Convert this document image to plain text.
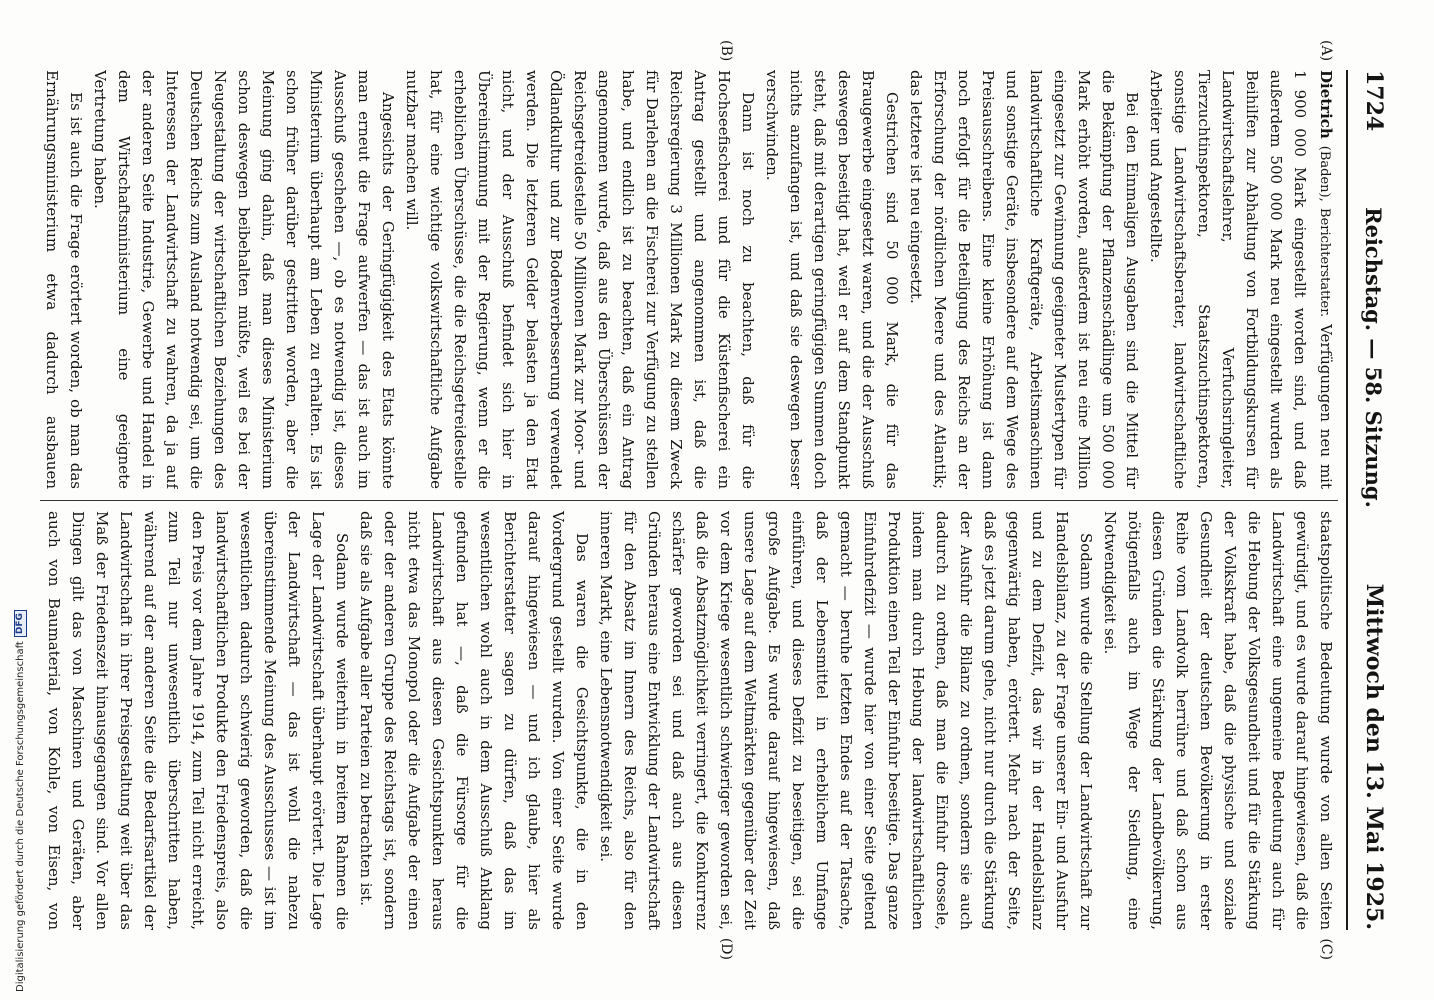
1724
Reichstag. — 58. Sitzung.
Mittwoch den 13. Mai 1925.
(A)
(B)
(C)
(D)

Dietrich (Baden), Berichterstatter. Verfügungen neu mit 1 900 000 Mark eingestellt worden sind, und daß außerdem 500 000 Mark neu eingestellt wurden als Beihilfen zur Abhaltung von Fortbildungskursen für Landwirtschaftslehrer, Verfuchsringleiter, Tierzuchtinspektoren, Staatszuchtinspektoren, sonstige Landwirtschaftsberater, landwirtschaftliche Arbeiter und Angestellte.

Bei den Einmaligen Ausgaben sind die Mittel für die Bekämpfung der Pflanzenschädlinge um 500 000 Mark erhöht worden, außerdem ist neu eine Million eingesetzt zur Gewinnung geeigneter Mustertypen für landwirtschaftliche Kraftgeräte, Arbeitsmaschinen und sonstige Geräte, insbesondere auf dem Wege des Preisausschreibens. Eine kleine Erhöhung ist dann noch erfolgt für die Beteiligung des Reichs an der Erforschung der nördlichen Meere und des Atlantik; das letztere ist neu eingesetzt.

Gestrichen sind 50 000 Mark, die für das Braugewerbe eingesetzt waren, und die der Ausschuß deswegen beseitigt hat, weil er auf dem Standpunkt steht, daß mit derartigen geringfügigen Summen doch nichts anzufangen ist, und daß sie deswegen besser verschwinden.

Dann ist noch zu beachten, daß für die Hochseefischerei und für die Küstenfischerei ein Antrag gestellt und angenommen ist, daß die Reichsregierung 3 Millionen Mark zu diesem Zweck für Darlehen an die Fischerei zur Verfügung zu stellen habe, und endlich ist zu beachten, daß ein Antrag angenommen wurde, daß aus den Überschüssen der Reichsgetreidestelle 50 Millionen Mark zur Moor- und Ödlandkultur und zur Bodenverbesserung verwendet werden. Die letzteren Gelder belasten ja den Etat nicht, und der Ausschuß befindet sich hier in Übereinstimmung mit der Regierung, wenn er die erheblichen Überschüsse, die die Reichsgetreidestelle hat, für eine wichtige volkswirtschaftliche Aufgabe nutzbar machen will.

Angesichts der Geringfügigkeit des Etats könnte man erneut die Frage aufwerfen — das ist auch im Ausschuß geschehen —, ob es notwendig ist, dieses Ministerium überhaupt am Leben zu erhalten. Es ist schon früher darüber gestritten worden, aber die Meinung ging dahin, daß man dieses Ministerium schon deswegen beibehalten müßte, weil es bei der Neugestaltung der wirtschaftlichen Beziehungen des Deutschen Reichs zum Ausland notwendig sei, um die Interessen der Landwirtschaft zu wahren, da ja auf der anderen Seite Industrie, Gewerbe und Handel in dem Wirtschaftsministerium eine geeignete Vertretung haben.

Es ist auch die Frage erörtert worden, ob man das Ernährungsministerium etwa dadurch ausbauen

staatspolitische Bedeutung wurde von allen Seiten gewürdigt, und es wurde darauf hingewiesen, daß die Landwirtschaft eine ungemeine Bedeutung auch für die Hebung der Volksgesundheit und für die Stärkung der Volkskraft habe, daß die physische und soziale Gesundheit der deutschen Bevölkerung in erster Reihe vom Landvolk herrühre und daß schon aus diesen Gründen die Stärkung der Landbevölkerung, nötigenfalls auch im Wege der Siedlung, eine Notwendigkeit sei.

Sodann wurde die Stellung der Landwirtschaft zur Handelsbilanz, zu der Frage unserer Ein- und Ausfuhr und zu dem Defizit, das wir in der Handelsbilanz gegenwärtig haben, erörtert. Mehr nach der Seite, daß es jetzt darum gehe, nicht nur durch die Stärkung der Ausfuhr die Bilanz zu ordnen, sondern sie auch dadurch zu ordnen, daß man die Einfuhr drossele, indem man durch Hebung der landwirtschaftlichen Produktion einen Teil der Einfuhr beseitige. Das ganze Einfuhrdefizit — wurde hier von einer Seite geltend gemacht — beruhe letzten Endes auf der Tatsache, daß der Lebensmittel in erheblichem Umfange einführen, und dieses Defizit zu beseitigen, sei die große Aufgabe. Es wurde darauf hingewiesen, daß unsere Lage auf dem Weltmärkten gegenüber der Zeit vor dem Kriege wesentlich schwieriger geworden sei, daß die Absatzmöglichkeit verringert, die Konkurrenz schärfer geworden sei und daß auch aus diesen Gründen heraus eine Entwicklung der Landwirtschaft für den Absatz im Innern des Reichs, also für den inneren Markt, eine Lebensnotwendigkeit sei.

Das waren die Gesichtspunkte, die in den Vordergrund gestellt wurden. Von einer Seite wurde darauf hingewiesen — und ich glaube, hier als Berichterstatter sagen zu dürfen, daß das im wesentlichen wohl auch in dem Ausschuß Anklang gefunden hat —, daß die Fürsorge für die Landwirtschaft aus diesen Gesichtspunkten heraus nicht etwa das Monopol oder die Aufgabe der einen oder der anderen Gruppe des Reichstags ist, sondern daß sie als Aufgabe aller Parteien zu betrachten ist.

Sodann wurde weiterhin in breitem Rahmen die Lage der Landwirtschaft überhaupt erörtert. Die Lage der Landwirtschaft — das ist wohl die nahezu übereinstimmende Meinung des Ausschusses — ist im wesentlichen dadurch schwierig geworden, daß die landwirtschaftlichen Produkte den Friedenspreis, also den Preis vor dem Jahre 1914, zum Teil nicht erreicht, zum Teil nur unwesentlich überschritten haben, während auf der anderen Seite die Bedarfsartikel der Landwirtschaft in ihrer Preisgestaltung weit über das Maß der Friedenszeit hinausgegangen sind. Vor allen Dingen gilt das von Maschinen und Geräten, aber auch von Baumaterial, von Kohle, von Eisen, von

Digitalisierung gefördert durch die Deutsche Forschungsgemeinschaft
DFG
